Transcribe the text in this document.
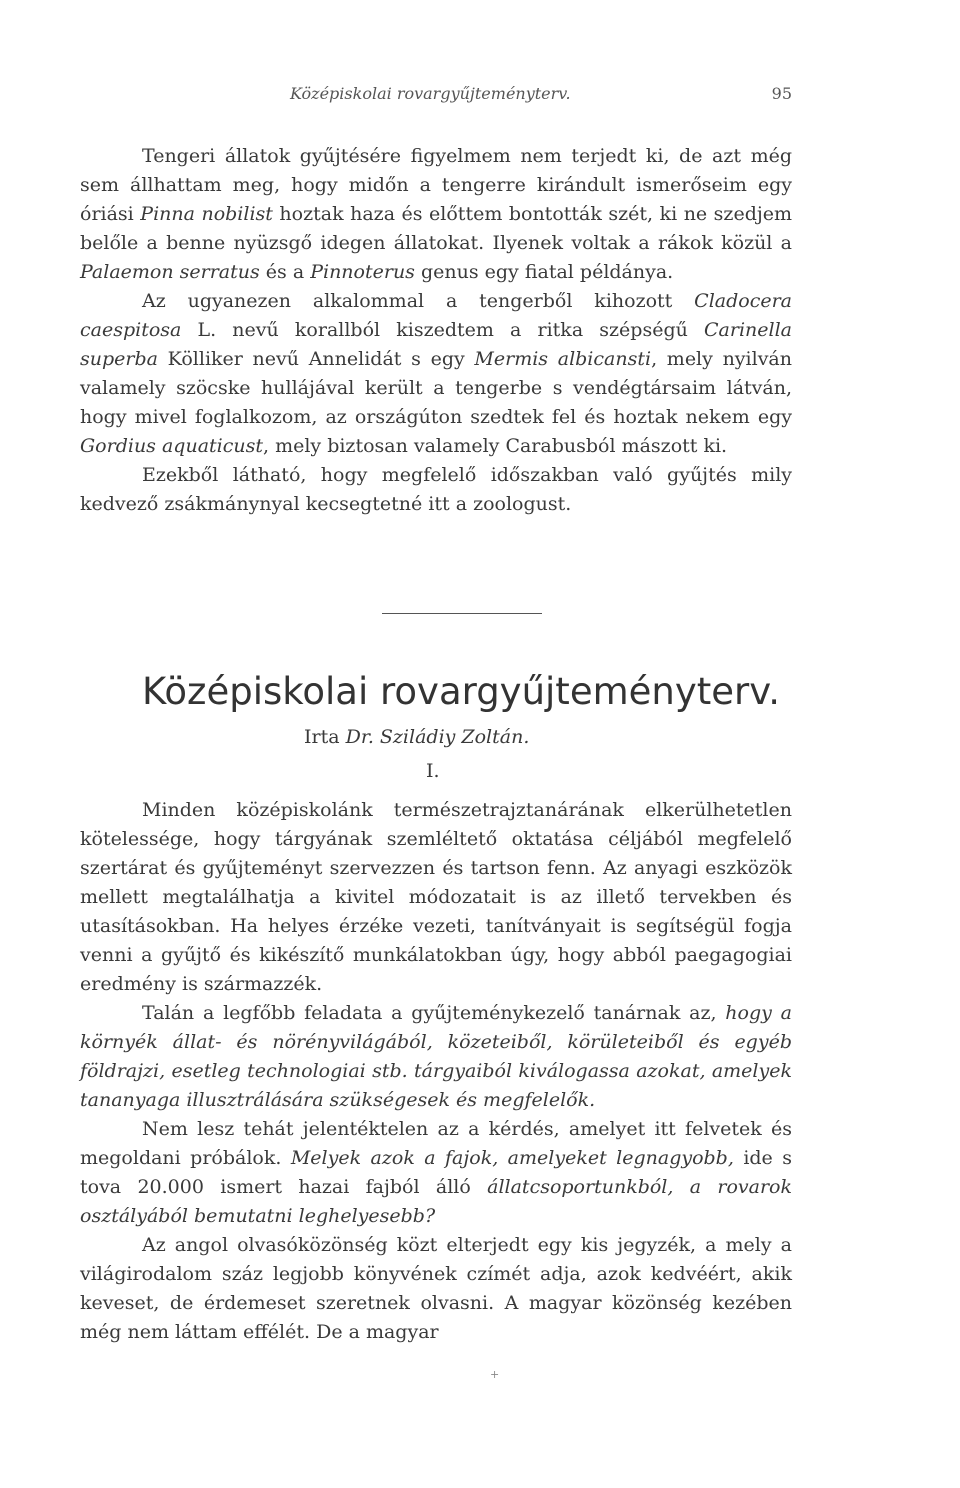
Középiskolai rovargyűjteményterv.	95

Tengeri állatok gyűjtésére figyelmem nem terjedt ki, de azt még sem állhattam meg, hogy midőn a tengerre kirándult ismerőseim egy óriási Pinna nobilist hoztak haza és előttem bontották szét, ki ne szedjem belőle a benne nyüzsgő idegen állatokat. Ilyenek voltak a rákok közül a Palaemon serratus és a Pinnoterus genus egy fiatal példánya.

Az ugyanezen alkalommal a tengerből kihozott Cladocera caespitosa L. nevű korallból kiszedtem a ritka szépségű Carinella superba Kölliker nevű Annelidát s egy Mermis albicansti, mely nyilván valamely szöcske hullájával került a tengerbe s vendégtársaim látván, hogy mivel foglalkozom, az országúton szedtek fel és hoztak nekem egy Gordius aquaticust, mely biztosan valamely Carabusból mászott ki.

Ezekből látható, hogy megfelelő időszakban való gyűjtés mily kedvező zsákmánynyal kecsegtetné itt a zoologust.

Középiskolai rovargyűjteményterv.
Irta Dr. Sziládiy Zoltán.
I.

Minden középiskolánk természetrajztanárának elkerülhetetlen kötelessége, hogy tárgyának szemléltető oktatása céljából megfelelő szertárat és gyűjteményt szervezzen és tartson fenn. Az anyagi eszközök mellett megtalálhatja a kivitel módozatait is az illető tervekben és utasításokban. Ha helyes érzéke vezeti, tanítványait is segítségül fogja venni a gyűjtő és kikészítő munkálatokban úgy, hogy abból paegagogiai eredmény is származzék.

Talán a legfőbb feladata a gyűjteménykezelő tanárnak az, hogy a környék állat- és nörényvilágából, közeteiből, körületeiből és egyéb földrajzi, esetleg technologiai stb. tárgyaiból kiválogassa azokat, amelyek tananyaga illusztrálására szükségesek és megfelelők.

Nem lesz tehát jelentéktelen az a kérdés, amelyet itt felvetek és megoldani próbálok. Melyek azok a fajok, amelyeket legnagyobb, ide s tova 20.000 ismert hazai fajból álló állatcsoportunkból, a rovarok osztályából bemutatni leghelyesebb?

Az angol olvasóközönség közt elterjedt egy kis jegyzék, a mely a világirodalom száz legjobb könyvének czímét adja, azok kedvéért, akik keveset, de érdemeset szeretnek olvasni. A magyar közönség kezében még nem láttam effélét. De a magyar

+
